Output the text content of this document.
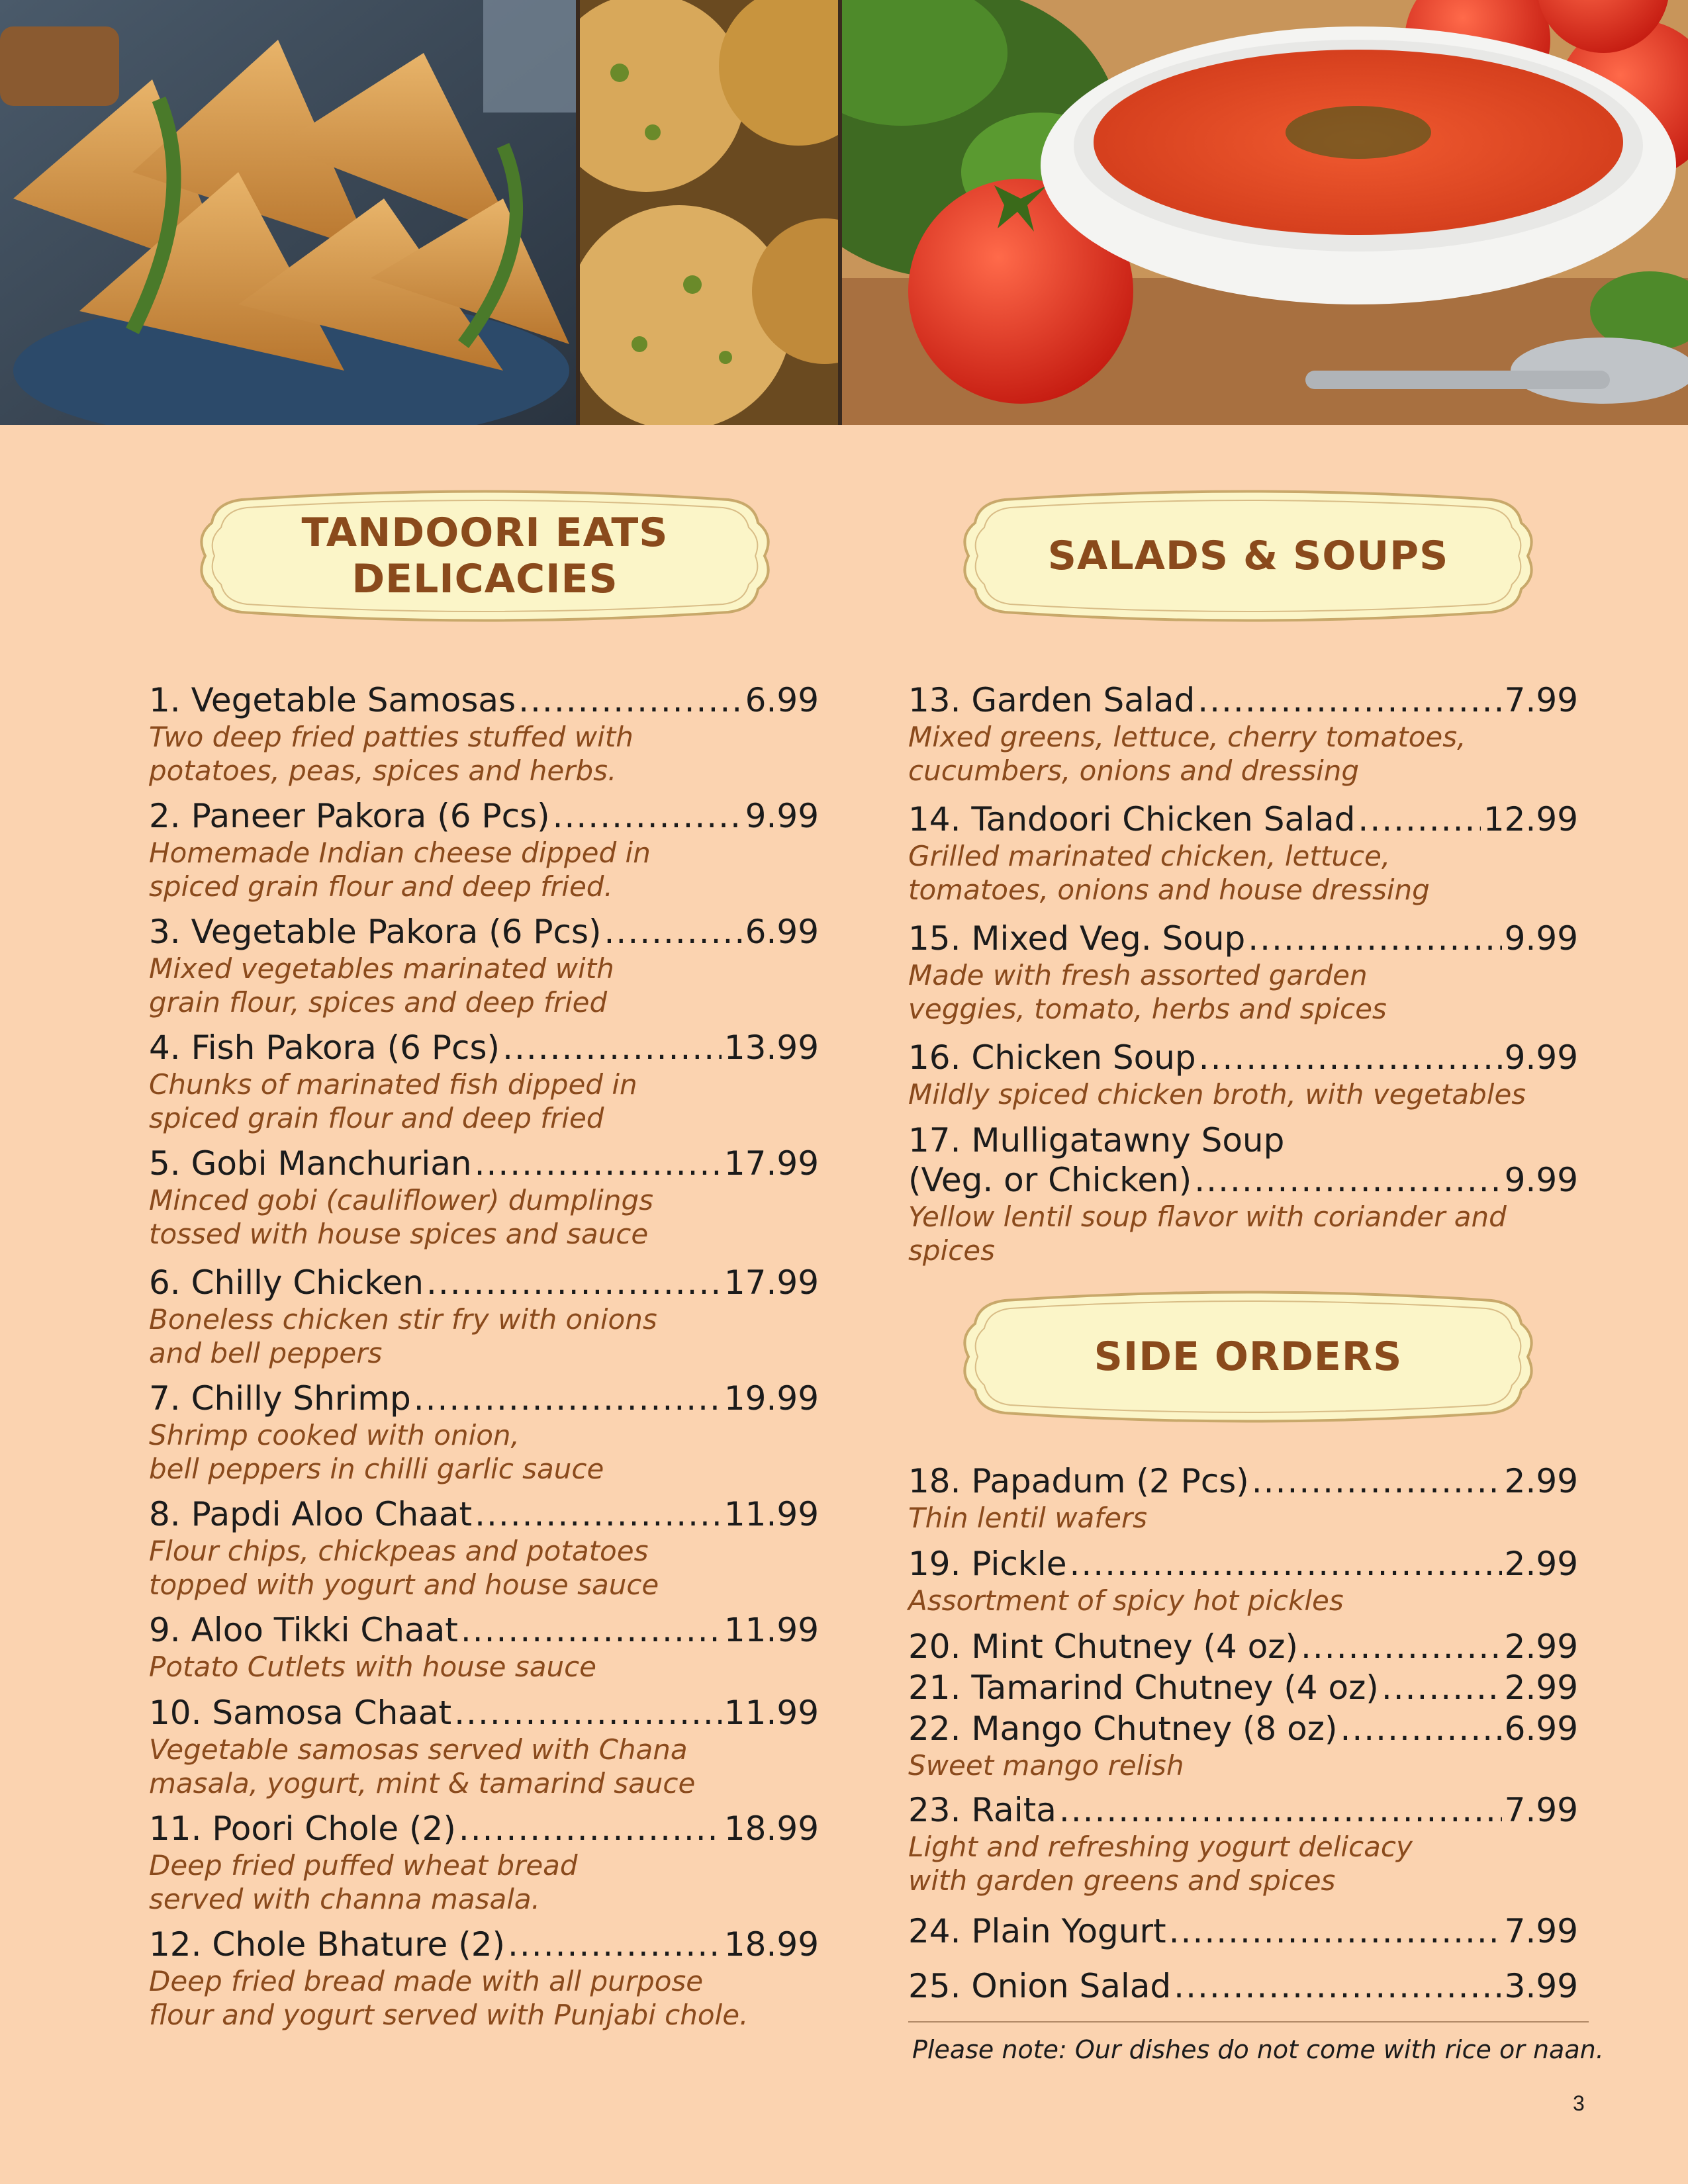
TANDOORI EATS
DELICACIES	SALADS & SOUPS
SIDE ORDERS
1. Vegetable Samosas .....	6.99
Two deep fried patties stuffed with
potatoes, peas, spices and herbs.
2. Paneer Pakora (6 Pcs) .....	9.99
Homemade Indian cheese dipped in
spiced grain flour and deep fried.
3. Vegetable Pakora (6 Pcs) .....	6.99
Mixed vegetables marinated with
grain flour, spices and deep fried
4. Fish Pakora (6 Pcs) .....	13.99
Chunks of marinated fish dipped in
spiced grain flour and deep fried
5. Gobi Manchurian .....	17.99
Minced gobi (cauliflower) dumplings
tossed with house spices and sauce
6. Chilly Chicken .....	17.99
Boneless chicken stir fry with onions
and bell peppers
7. Chilly Shrimp .....	19.99
Shrimp cooked with onion,
bell peppers in chilli garlic sauce
8. Papdi Aloo Chaat .....	11.99
Flour chips, chickpeas and potatoes
topped with yogurt and house sauce
9. Aloo Tikki Chaat .....	11.99
Potato Cutlets with house sauce
10. Samosa Chaat .....	11.99
Vegetable samosas served with Chana
masala, yogurt, mint & tamarind sauce
11. Poori Chole (2) .....	18.99
Deep fried puffed wheat bread
served with channa masala.
12. Chole Bhature (2) .....	18.99
Deep fried bread made with all purpose
flour and yogurt served with Punjabi chole.
13. Garden Salad .....	7.99
Mixed greens, lettuce, cherry tomatoes,
cucumbers, onions and dressing
14. Tandoori Chicken Salad .....	12.99
Grilled marinated chicken, lettuce,
tomatoes, onions and house dressing
15. Mixed Veg. Soup .....	9.99
Made with fresh assorted garden
veggies, tomato, herbs and spices
16. Chicken Soup .....	9.99
Mildly spiced chicken broth, with vegetables
17. Mulligatawny Soup
(Veg. or Chicken) .....	9.99
Yellow lentil soup flavor with coriander and spices
18. Papadum (2 Pcs) .....	2.99
Thin lentil wafers
19. Pickle .....	2.99
Assortment of spicy hot pickles
20. Mint Chutney (4 oz) .....	2.99
21. Tamarind Chutney (4 oz) .....	2.99
22. Mango Chutney (8 oz) .....	6.99
Sweet mango relish
23. Raita .....	7.99
Light and refreshing yogurt delicacy
with garden greens and spices
24. Plain Yogurt .....	7.99
25. Onion Salad .....	3.99
Please note: Our dishes do not come with rice or naan.
3
